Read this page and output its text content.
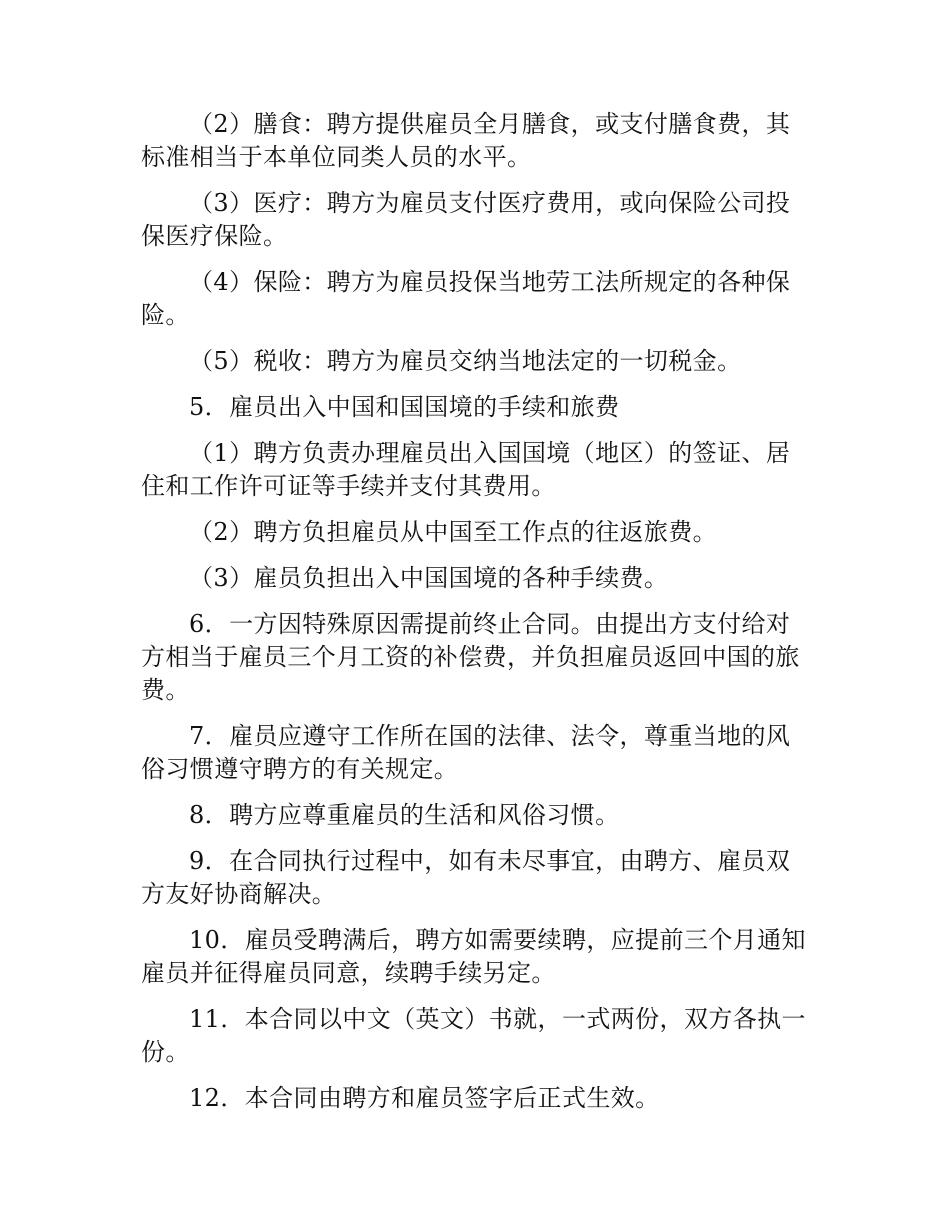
（2）膳食：聘方提供雇员全月膳食，或支付膳食费，其标准相当于本单位同类人员的水平。

（3）医疗：聘方为雇员支付医疗费用，或向保险公司投保医疗保险。

（4）保险：聘方为雇员投保当地劳工法所规定的各种保险。

（5）税收：聘方为雇员交纳当地法定的一切税金。

5．雇员出入中国和国国境的手续和旅费

（1）聘方负责办理雇员出入国国境（地区）的签证、居住和工作许可证等手续并支付其费用。

（2）聘方负担雇员从中国至工作点的往返旅费。

（3）雇员负担出入中国国境的各种手续费。

6．一方因特殊原因需提前终止合同。由提出方支付给对方相当于雇员三个月工资的补偿费，并负担雇员返回中国的旅费。

7．雇员应遵守工作所在国的法律、法令，尊重当地的风俗习惯遵守聘方的有关规定。

8．聘方应尊重雇员的生活和风俗习惯。

9．在合同执行过程中，如有未尽事宜，由聘方、雇员双方友好协商解决。

10．雇员受聘满后，聘方如需要续聘，应提前三个月通知雇员并征得雇员同意，续聘手续另定。

11．本合同以中文（英文）书就，一式两份，双方各执一份。

12．本合同由聘方和雇员签字后正式生效。
